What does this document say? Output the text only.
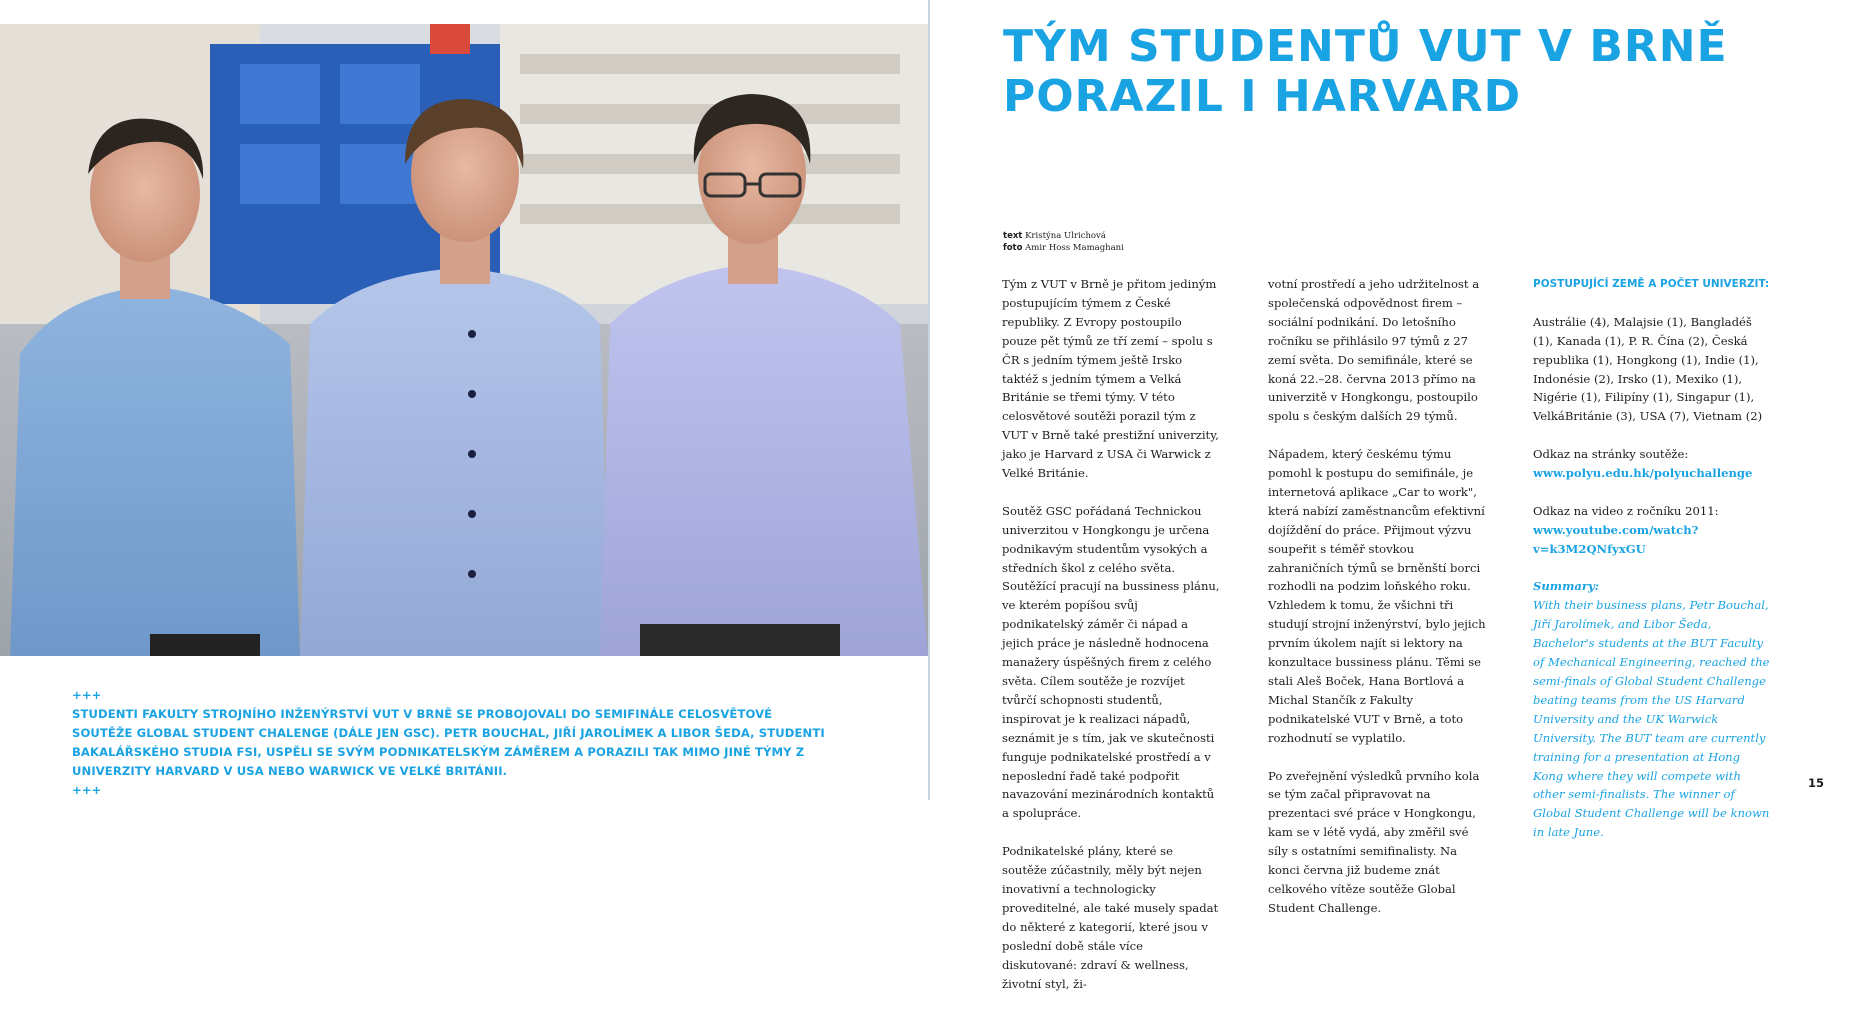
+++
STUDENTI FAKULTY STROJNÍHO INŽENÝRSTVÍ VUT V BRNĚ SE PROBOJOVALI DO SEMIFINÁLE CELOSVĚTOVÉ SOUTĚŽE GLOBAL STUDENT CHALENGE (DÁLE JEN GSC). PETR BOUCHAL, JIŘÍ JAROLÍMEK A LIBOR ŠEDA, STUDENTI BAKALÁŘSKÉHO STUDIA FSI, USPĚLI SE SVÝM PODNIKATELSKÝM ZÁMĚREM A PORAZILI TAK MIMO JINÉ TÝMY Z UNIVERZITY HARVARD V USA NEBO WARWICK VE VELKÉ BRITÁNII.
+++
TÝM STUDENTŮ VUT V BRNĚ PORAZIL I HARVARD
text Kristýna Ulrichová
foto Amir Hoss Mamaghani

Tým z VUT v Brně je přitom jediným postupujícím týmem z České republiky. Z Evropy postoupilo pouze pět týmů ze tří zemí – spolu s ČR s jedním týmem ještě Irsko taktéž s jedním týmem a Velká Británie se třemi týmy. V této celosvětové soutěži porazil tým z VUT v Brně také prestižní univerzity, jako je Harvard z USA či Warwick z Velké Británie.

Soutěž GSC pořádaná Technickou univerzitou v Hongkongu je určena podnikavým studentům vysokých a středních škol z celého světa. Soutěžící pracují na bussiness plánu, ve kterém popíšou svůj podnikatelský záměr či nápad a jejich práce je následně hodnocena manažery úspěšných firem z celého světa. Cílem soutěže je rozvíjet tvůrčí schopnosti studentů, inspirovat je k realizaci nápadů, seznámit je s tím, jak ve skutečnosti funguje podnikatelské prostředí a v neposlední řadě také podpořit navazování mezinárodních kontaktů a spolupráce.

Podnikatelské plány, které se soutěže zúčastnily, měly být nejen inovativní a technologicky proveditelné, ale také musely spadat do některé z kategorií, které jsou v poslední době stále více diskutované: zdraví & wellness, životní styl, ži-

votní prostředí a jeho udržitelnost a společenská odpovědnost firem – sociální podnikání. Do letošního ročníku se přihlásilo 97 týmů z 27 zemí světa. Do semifinále, které se koná 22.–28. června 2013 přímo na univerzitě v Hongkongu, postoupilo spolu s českým dalších 29 týmů.

Nápadem, který českému týmu pomohl k postupu do semifinále, je internetová aplikace „Car to work", která nabízí zaměstnancům efektivní dojíždění do práce. Přijmout výzvu soupeřit s téměř stovkou zahraničních týmů se brněnští borci rozhodli na podzim loňského roku. Vzhledem k tomu, že všichni tři studují strojní inženýrství, bylo jejich prvním úkolem najít si lektory na konzultace bussiness plánu. Těmi se stali Aleš Boček, Hana Bortlová a Michal Stančík z Fakulty podnikatelské VUT v Brně, a toto rozhodnutí se vyplatilo.

Po zveřejnění výsledků prvního kola se tým začal připravovat na prezentaci své práce v Hongkongu, kam se v létě vydá, aby změřil své síly s ostatními semifinalisty. Na konci června již budeme znát celkového vítěze soutěže Global Student Challenge.

POSTUPUJÍCÍ ZEMĚ A POČET UNIVERZIT:

Austrálie (4), Malajsie (1), Bangladéš (1), Kanada (1), P. R. Čína (2), Česká republika (1), Hongkong (1), Indie (1), Indonésie (2), Irsko (1), Mexiko (1), Nigérie (1), Filipíny (1), Singapur (1), VelkáBritánie (3), USA (7), Vietnam (2)

Odkaz na stránky soutěže:
www.polyu.edu.hk/polyuchallenge

Odkaz na video z ročníku 2011:
www.youtube.com/watch?v=k3M2QNfyxGU

Summary:
With their business plans, Petr Bouchal, Jiří Jarolímek, and Libor Šeda, Bachelor's students at the BUT Faculty of Mechanical Engineering, reached the semi-finals of Global Student Challenge beating teams from the US Harvard University and the UK Warwick University. The BUT team are currently training for a presentation at Hong Kong where they will compete with other semi-finalists. The winner of Global Student Challenge will be known in late June.

15
